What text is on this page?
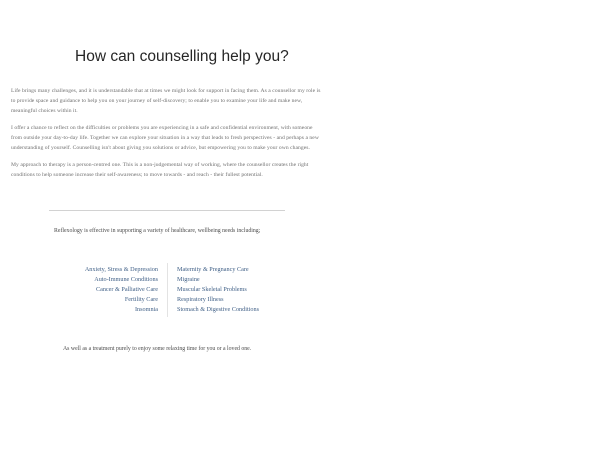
How can counselling help you?

Life brings many challenges, and it is understandable that at times we might look for support in facing them. As a counsellor my role is to provide space and guidance to help you on your journey of self-discovery; to enable you to examine your life and make new, meaningful choices within it.

I offer a chance to reflect on the difficulties or problems you are experiencing in a safe and confidential environment, with someone from outside your day-to-day life. Together we can explore your situation in a way that leads to fresh perspectives - and perhaps a new understanding of yourself. Counselling isn't about giving you solutions or advice, but empowering you to make your own changes.

My approach to therapy is a person-centred one. This is a non-judgemental way of working, where the counsellor creates the right conditions to help someone increase their self-awareness; to move towards - and reach - their fullest potential.

Reflexology is effective in supporting a variety of healthcare, wellbeing needs including;

Anxiety, Stress & Depression
Auto-Immune Conditions
Cancer & Palliative Care
Fertility Care
Insomnia
Maternity & Pregnancy Care
Migraine
Muscular Skeletal Problems
Respiratory Illness
Stomach & Digestive Conditions

As well as a treatment purely to enjoy some relaxing time for you or a loved one.
